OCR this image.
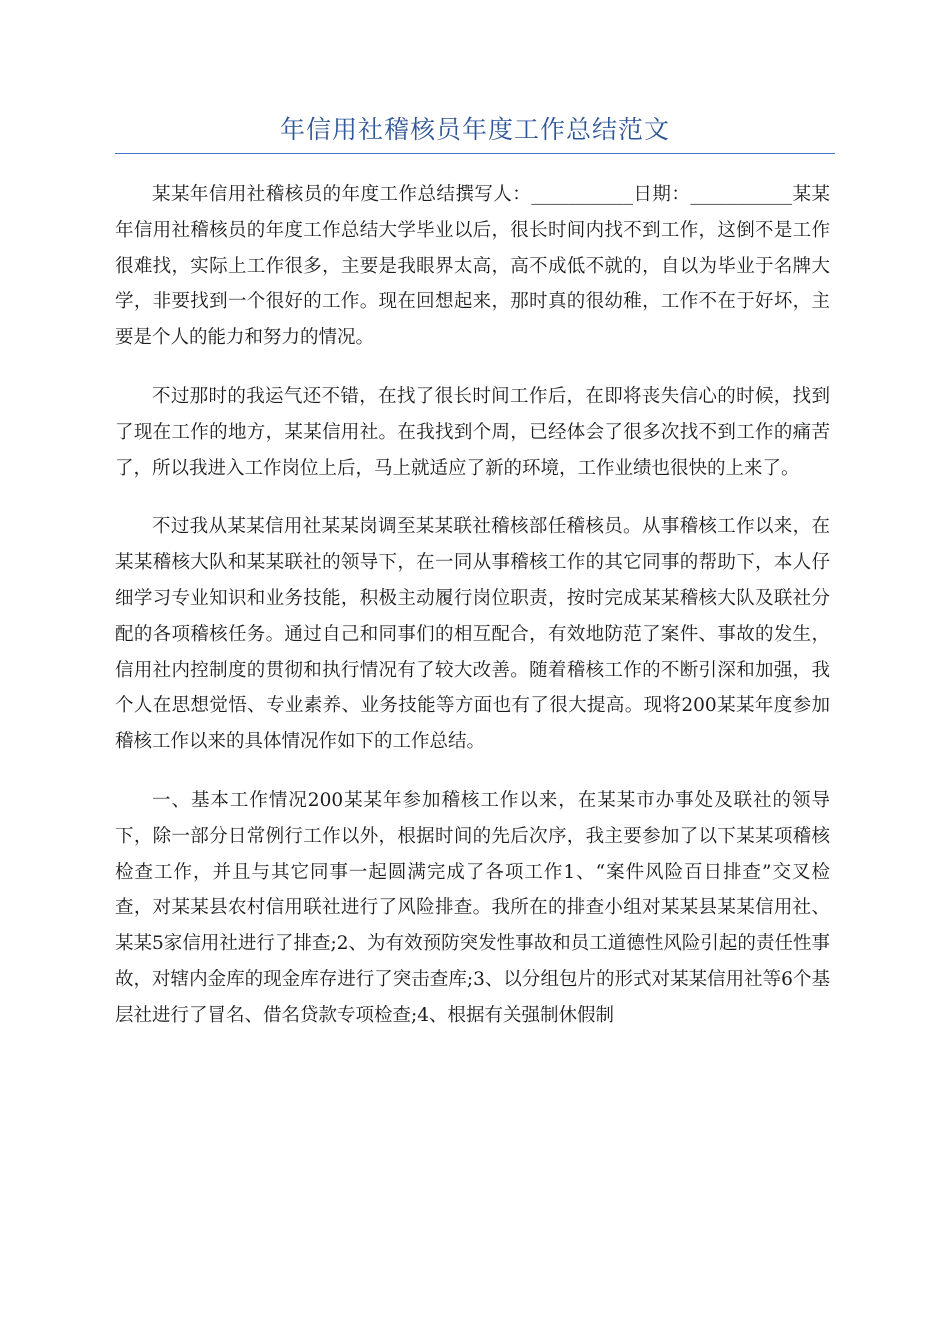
年信用社稽核员年度工作总结范文

某某年信用社稽核员的年度工作总结撰写人：___________日期：___________某某年信用社稽核员的年度工作总结大学毕业以后，很长时间内找不到工作，这倒不是工作很难找，实际上工作很多，主要是我眼界太高，高不成低不就的，自以为毕业于名牌大学，非要找到一个很好的工作。现在回想起来，那时真的很幼稚，工作不在于好坏，主要是个人的能力和努力的情况。

不过那时的我运气还不错，在找了很长时间工作后，在即将丧失信心的时候，找到了现在工作的地方，某某信用社。在我找到个周，已经体会了很多次找不到工作的痛苦了，所以我进入工作岗位上后，马上就适应了新的环境，工作业绩也很快的上来了。

不过我从某某信用社某某岗调至某某联社稽核部任稽核员。从事稽核工作以来，在某某稽核大队和某某联社的领导下，在一同从事稽核工作的其它同事的帮助下，本人仔细学习专业知识和业务技能，积极主动履行岗位职责，按时完成某某稽核大队及联社分配的各项稽核任务。通过自己和同事们的相互配合，有效地防范了案件、事故的发生，信用社内控制度的贯彻和执行情况有了较大改善。随着稽核工作的不断引深和加强，我个人在思想觉悟、专业素养、业务技能等方面也有了很大提高。现将200某某年度参加稽核工作以来的具体情况作如下的工作总结。

一、基本工作情况200某某年参加稽核工作以来，在某某市办事处及联社的领导下，除一部分日常例行工作以外，根据时间的先后次序，我主要参加了以下某某项稽核检查工作，并且与其它同事一起圆满完成了各项工作1、“案件风险百日排查”交叉检查，对某某县农村信用联社进行了风险排查。我所在的排查小组对某某县某某信用社、某某5家信用社进行了排查;2、为有效预防突发性事故和员工道德性风险引起的责任性事故，对辖内金库的现金库存进行了突击查库;3、以分组包片的形式对某某信用社等6个基层社进行了冒名、借名贷款专项检查;4、根据有关强制休假制
